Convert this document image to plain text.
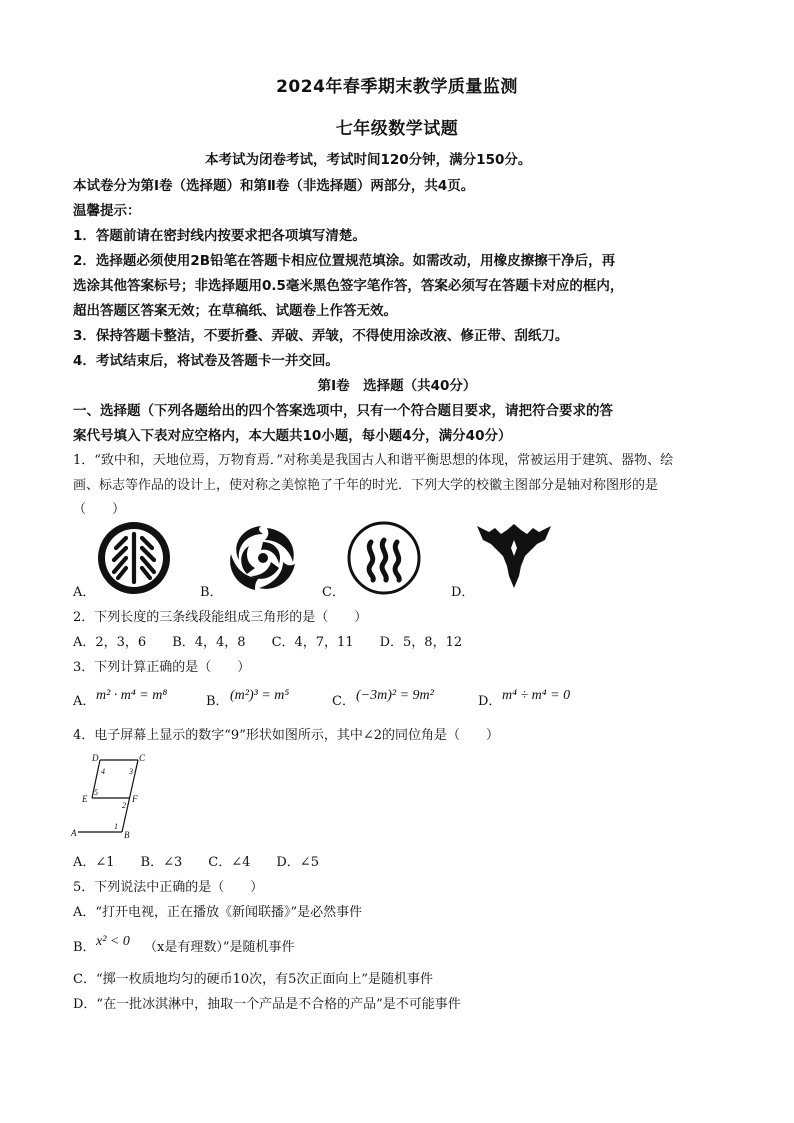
2024年春季期末教学质量监测
七年级数学试题
本考试为闭卷考试，考试时间120分钟，满分150分。
本试卷分为第Ⅰ卷（选择题）和第Ⅱ卷（非选择题）两部分，共4页。
温馨提示：
1．答题前请在密封线内按要求把各项填写清楚。
2．选择题必须使用2B铅笔在答题卡相应位置规范填涂。如需改动，用橡皮擦擦干净后，再
选涂其他答案标号；非选择题用0.5毫米黑色签字笔作答，答案必须写在答题卡对应的框内，
超出答题区答案无效；在草稿纸、试题卷上作答无效。
3．保持答题卡整洁，不要折叠、弄破、弄皱，不得使用涂改液、修正带、刮纸刀。
4．考试结束后，将试卷及答题卡一并交回。
第Ⅰ卷　选择题（共40分）
一、选择题（下列各题给出的四个答案选项中，只有一个符合题目要求，请把符合要求的答
案代号填入下表对应空格内，本大题共10小题，每小题4分，满分40分）
1．“致中和，天地位焉，万物育焉．”对称美是我国古人和谐平衡思想的体现，常被运用于建筑、器物、绘
画、标志等作品的设计上，使对称之美惊艳了千年的时光．下列大学的校徽主图部分是轴对称图形的是
（　　）
A．	B．	C．	D．
2．下列长度的三条线段能组成三角形的是（　　）
A．2，3，6　　B．4，4，8　　C．4，7，11　　D．5，8，12
3．下列计算正确的是（　　）
A． m² · m⁴ = m⁸	B． (m²)³ = m⁵	C． (−3m)² = 9m²	D． m⁴ ÷ m⁴ = 0
4．电子屏幕上显示的数字“9”形状如图所示，其中∠2的同位角是（　　）
D	C
E	F
A	B
4	3
5
2
1
A．∠1　　B．∠3　　C．∠4　　D．∠5
5．下列说法中正确的是（　　）
A．“打开电视，正在播放《新闻联播》”是必然事件
B． x² < 0 （x是有理数）”是随机事件
C．“掷一枚质地均匀的硬币10次，有5次正面向上”是随机事件
D．“在一批冰淇淋中，抽取一个产品是不合格的产品”是不可能事件
